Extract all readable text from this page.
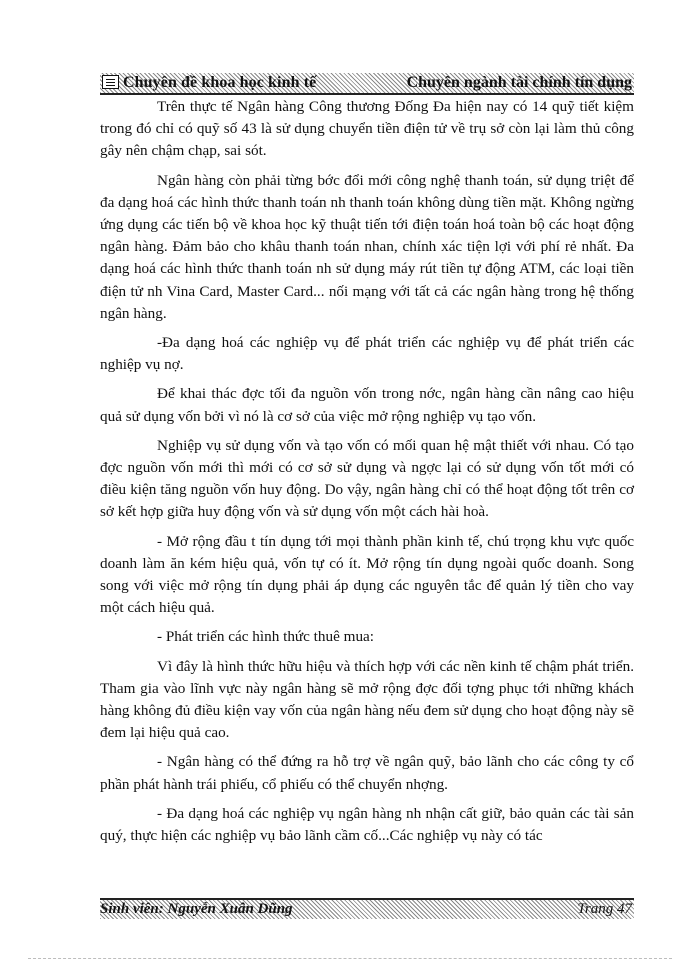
Chuyên đề khoa học kinh tế	Chuyên ngành tài chính tín dụng

Trên thực tế Ngân hàng Công thương Đống Đa hiện nay có 14 quỹ tiết kiệm trong đó chỉ có quỹ số 43 là sử dụng chuyển tiền điện tử về trụ sở còn lại làm thủ công gây nên chậm chạp, sai sót.

Ngân hàng còn phải từng bớc đổi mới công nghệ thanh toán, sử dụng triệt để đa dạng hoá các hình thức thanh toán nh thanh toán không dùng tiền mặt. Không ngừng ứng dụng các tiến bộ về khoa học kỹ thuật tiến tới điện toán hoá toàn bộ các hoạt động ngân hàng. Đảm bảo cho khâu thanh toán nhan, chính xác tiện lợi với phí rẻ nhất. Đa dạng hoá các hình thức thanh toán nh sử dụng máy rút tiền tự động ATM, các loại tiền điện tử nh Vina Card, Master Card... nối mạng với tất cả các ngân hàng trong hệ thống ngân hàng.

-Đa dạng hoá các nghiệp vụ để phát triển các nghiệp vụ để phát triển các nghiệp vụ nợ.

Để khai thác đợc tối đa nguồn vốn trong nớc, ngân hàng cần nâng cao hiệu quả sử dụng vốn bởi vì nó là cơ sở của việc mở rộng nghiệp vụ tạo vốn.

Nghiệp vụ sử dụng vốn và tạo vốn có mối quan hệ mật thiết với nhau. Có tạo đợc nguồn vốn mới thì mới có cơ sở sử dụng và ngợc lại có sử dụng vốn tốt mới có điều kiện tăng nguồn vốn huy động. Do vậy, ngân hàng chỉ có thể hoạt động tốt trên cơ sở kết hợp giữa huy động vốn và sử dụng vốn một cách hài hoà.

- Mở rộng đầu t tín dụng tới mọi thành phần kinh tế, chú trọng khu vực quốc doanh làm ăn kém hiệu quả, vốn tự có ít. Mở rộng tín dụng ngoài quốc doanh. Song song với việc mở rộng tín dụng phải áp dụng các nguyên tắc để quản lý tiền cho vay một cách hiệu quả.

- Phát triển các hình thức thuê mua:

Vì đây là hình thức hữu hiệu và thích hợp với các nền kinh tế chậm phát triển. Tham gia vào lĩnh vực này ngân hàng sẽ mở rộng đợc đối tợng phục tới những khách hàng không đủ điều kiện vay vốn của ngân hàng nếu đem sử dụng cho hoạt động này sẽ đem lại hiệu quả cao.

- Ngân hàng có thể đứng ra hỗ trợ về ngân quỹ, bảo lãnh cho các công ty cổ phần phát hành trái phiếu, cổ phiếu có thể chuyển nhợng.

- Đa dạng hoá các nghiệp vụ ngân hàng nh nhận cất giữ, bảo quản các tài sản quý, thực hiện các nghiệp vụ bảo lãnh cầm cố...Các nghiệp vụ này có tác

Sinh viên: Nguyễn Xuân Dũng	Trang 47
